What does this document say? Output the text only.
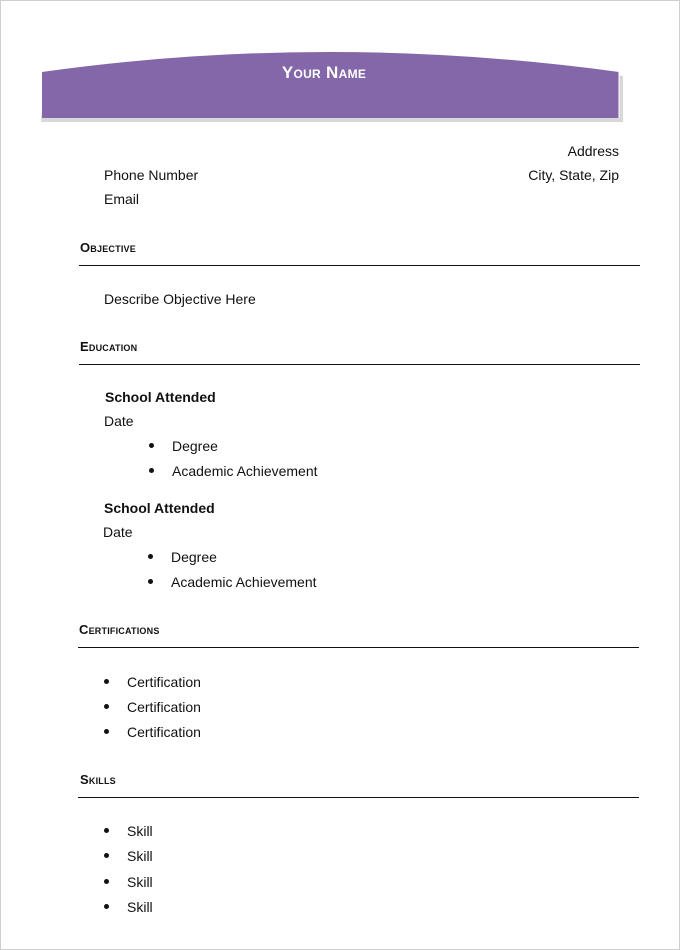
Your Name
Address
City, State, Zip
Phone Number
Email
Objective
Describe Objective Here
Education
School Attended
Date
Degree
Academic Achievement
School Attended
Date
Degree
Academic Achievement
Certifications
Certification
Certification
Certification
Skills
Skill
Skill
Skill
Skill
